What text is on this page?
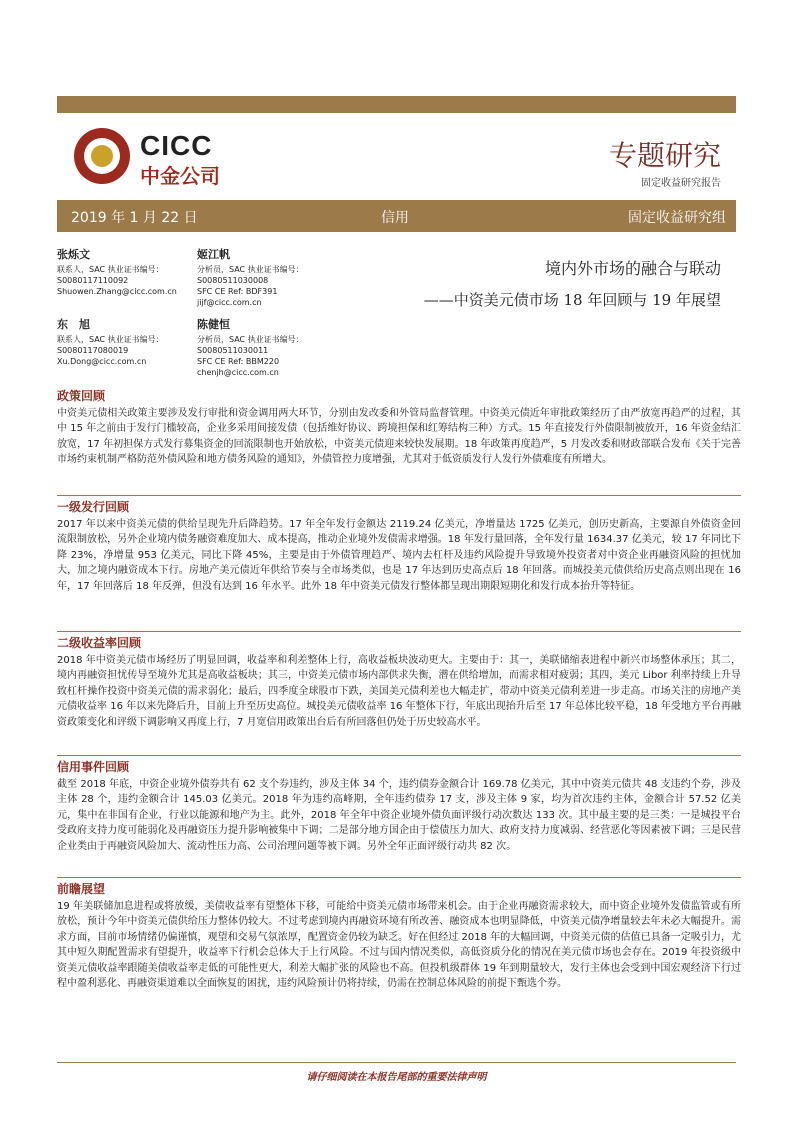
CICC
中金公司
专题研究
固定收益研究报告
2019 年 1 月 22 日	信用	固定收益研究组
张烁文
联系人，SAC 执业证书编号：
S0080117110092
Shuowen.Zhang@cicc.com.cn
姬江帆
分析员，SAC 执业证书编号：
S0080511030008
SFC CE Ref: BDF391
jijf@cicc.com.cn
东　旭
联系人，SAC 执业证书编号：
S0080117080019
Xu.Dong@cicc.com.cn
陈健恒
分析员，SAC 执业证书编号：
S0080511030011
SFC CE Ref: BBM220
chenjh@cicc.com.cn
境内外市场的融合与联动
——中资美元债市场 18 年回顾与 19 年展望
政策回顾
中资美元债相关政策主要涉及发行审批和资金调用两大环节，分别由发改委和外管局监督管理。中资美元债近年审批政策经历了由严放宽再趋严的过程，其中 15 年之前由于发行门槛较高，企业多采用间接发债（包括维好协议、跨境担保和红筹结构三种）方式。15 年直接发行外债限制被放开，16 年资金结汇放宽，17 年初担保方式发行募集资金的回流限制也开始放松，中资美元债迎来较快发展期。18 年政策再度趋严，5 月发改委和财政部联合发布《关于完善市场约束机制严格防范外债风险和地方债务风险的通知》，外债管控力度增强，尤其对于低资质发行人发行外债难度有所增大。
一级发行回顾
2017 年以来中资美元债的供给呈现先升后降趋势。17 年全年发行金额达 2119.24 亿美元，净增量达 1725 亿美元，创历史新高，主要源自外债资金回流限制放松，另外企业境内债务融资难度加大、成本提高，推动企业境外发债需求增强。18 年发行量回落，全年发行量 1634.37 亿美元，较 17 年同比下降 23%，净增量 953 亿美元，同比下降 45%，主要是由于外债管理趋严、境内去杠杆及违约风险提升导致境外投资者对中资企业再融资风险的担忧加大，加之境内融资成本下行。房地产美元债近年供给节奏与全市场类似，也是 17 年达到历史高点后 18 年回落。而城投美元债供给历史高点则出现在 16 年，17 年回落后 18 年反弹，但没有达到 16 年水平。此外 18 年中资美元债发行整体都呈现出期限短期化和发行成本抬升等特征。
二级收益率回顾
2018 年中资美元债市场经历了明显回调，收益率和利差整体上行，高收益板块波动更大。主要由于：其一，美联储缩表进程中新兴市场整体承压；其二，境内再融资担忧传导至境外尤其是高收益板块；其三，中资美元债市场内部供求失衡，潜在供给增加，而需求相对疲弱；其四，美元 Libor 利率持续上升导致杠杆操作投资中资美元债的需求弱化；最后，四季度全球股市下跌，美国美元债利差也大幅走扩，带动中资美元债利差进一步走高。市场关注的房地产美元债收益率 16 年以来先降后升，目前上升至历史高位。城投美元债收益率 16 年整体下行，年底出现抬升后至 17 年总体比较平稳，18 年受地方平台再融资政策变化和评级下调影响又再度上行，7 月宽信用政策出台后有所回落但仍处于历史较高水平。
信用事件回顾
截至 2018 年底，中资企业境外债券共有 62 支个券违约，涉及主体 34 个，违约债券金额合计 169.78 亿美元，其中中资美元债共 48 支违约个券，涉及主体 28 个，违约金额合计 145.03 亿美元。2018 年为违约高峰期，全年违约债券 17 支，涉及主体 9 家，均为首次违约主体，金额合计 57.52 亿美元，集中在非国有企业，行业以能源和地产为主。此外，2018 年全年中资企业境外债负面评级行动次数达 133 次。其中最主要的是三类：一是城投平台受政府支持力度可能弱化及再融资压力提升影响被集中下调；二是部分地方国企由于偿债压力加大、政府支持力度减弱、经营恶化等因素被下调；三是民营企业类由于再融资风险加大、流动性压力高、公司治理问题等被下调。另外全年正面评级行动共 82 次。
前瞻展望
19 年美联储加息进程或将放缓，美债收益率有望整体下移，可能给中资美元债市场带来机会。由于企业再融资需求较大，而中资企业境外发债监管或有所放松，预计今年中资美元债供给压力整体仍较大。不过考虑到境内再融资环境有所改善、融资成本也明显降低，中资美元债净增量较去年未必大幅提升。需求方面，目前市场情绪仍偏谨慎，观望和交易气氛浓厚，配置资金仍较为缺乏。好在但经过 2018 年的大幅回调，中资美元债的估值已具备一定吸引力，尤其中短久期配置需求有望提升，收益率下行机会总体大于上行风险。不过与国内情况类似，高低资质分化的情况在美元债市场也会存在。2019 年投资级中资美元债收益率跟随美债收益率走低的可能性更大，利差大幅扩张的风险也不高。但投机级群体 19 年到期量较大，发行主体也会受到中国宏观经济下行过程中盈利恶化、再融资渠道难以全面恢复的困扰，违约风险预计仍将持续，仍需在控制总体风险的前提下甄选个券。
请仔细阅读在本报告尾部的重要法律声明
